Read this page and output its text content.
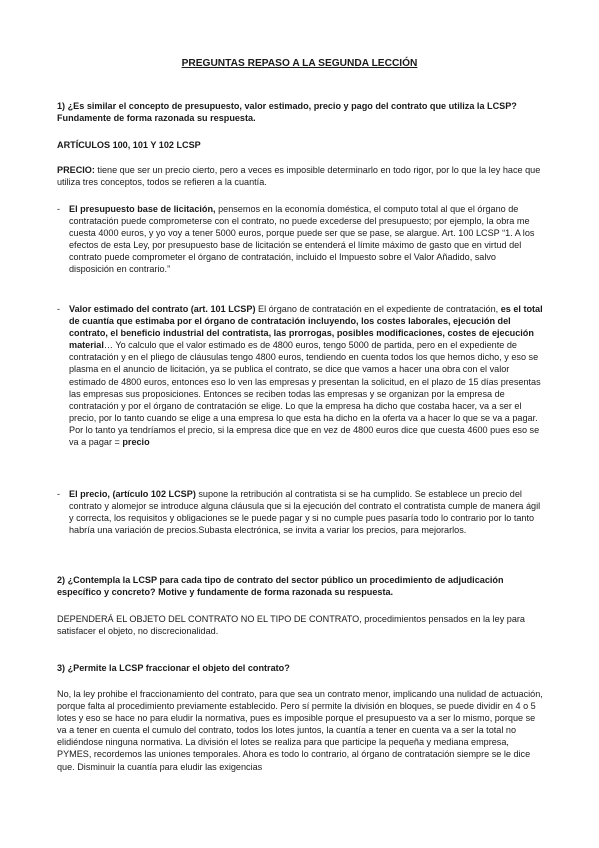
PREGUNTAS REPASO A LA SEGUNDA LECCIÓN

1) ¿Es similar el concepto de presupuesto, valor estimado, precio y pago del contrato que utiliza la LCSP? Fundamente de forma razonada su respuesta.

ARTÍCULOS 100, 101 Y 102 LCSP

PRECIO: tiene que ser un precio cierto, pero a veces es imposible determinarlo en todo rigor, por lo que la ley hace que utiliza tres conceptos, todos se refieren a la cuantía.

- El presupuesto base de licitación, pensemos en la economía doméstica, el computo total al que el órgano de contratación puede comprometerse con el contrato, no puede excederse del presupuesto; por ejemplo, la obra me cuesta 4000 euros, y yo voy a tener 5000 euros, porque puede ser que se pase, se alargue. Art. 100 LCSP “1. A los efectos de esta Ley, por presupuesto base de licitación se entenderá el límite máximo de gasto que en virtud del contrato puede comprometer el órgano de contratación, incluido el Impuesto sobre el Valor Añadido, salvo disposición en contrario.”

- Valor estimado del contrato (art. 101 LCSP) El órgano de contratación en el expediente de contratación, es el total de cuantía que estimaba por el órgano de contratación incluyendo, los costes laborales, ejecución del contrato, el beneficio industrial del contratista, las prorrogas, posibles modificaciones, costes de ejecución material… Yo calculo que el valor estimado es de 4800 euros, tengo 5000 de partida, pero en el expediente de contratación y en el pliego de cláusulas tengo 4800 euros, tendiendo en cuenta todos los que hemos dicho, y eso se plasma en el anuncio de licitación, ya se publica el contrato, se dice que vamos a hacer una obra con el valor estimado de 4800 euros, entonces eso lo ven las empresas y presentan la solicitud, en el plazo de 15 días presentas las empresas sus proposiciones. Entonces se reciben todas las empresas y se organizan por la empresa de contratación y por el órgano de contratación se elige. Lo que la empresa ha dicho que costaba hacer, va a ser el precio, por lo tanto cuando se elige a una empresa lo que esta ha dicho en la oferta va a hacer lo que se va a pagar. Por lo tanto ya tendríamos el precio, si la empresa dice que en vez de 4800 euros dice que cuesta 4600 pues eso se va a pagar = precio

- El precio, (artículo 102 LCSP) supone la retribución al contratista si se ha cumplido. Se establece un precio del contrato y alomejor se introduce alguna cláusula que si la ejecución del contrato el contratista cumple de manera ágil y correcta, los requisitos y obligaciones se le puede pagar y si no cumple pues pasaría todo lo contrario por lo tanto habría una variación de precios.Subasta electrónica, se invita a variar los precios, para mejorarlos.

2) ¿Contempla la LCSP para cada tipo de contrato del sector público un procedimiento de adjudicación específico y concreto? Motive y fundamente de forma razonada su respuesta.

DEPENDERÁ EL OBJETO DEL CONTRATO NO EL TIPO DE CONTRATO, procedimientos pensados en la ley para satisfacer el objeto, no discrecionalidad.

3) ¿Permite la LCSP fraccionar el objeto del contrato?

No, la ley prohibe el fraccionamiento del contrato, para que sea un contrato menor, implicando una nulidad de actuación, porque falta al procedimiento previamente establecido. Pero sí permite la división en bloques, se puede dividir en 4 o 5 lotes y eso se hace no para eludir la normativa, pues es imposible porque el presupuesto va a ser lo mismo, porque se va a tener en cuenta el cumulo del contrato, todos los lotes juntos, la cuantía a tener en cuenta va a ser la total no elidiéndose ninguna normativa. La división el lotes se realiza para que participe la pequeña y mediana empresa, PYMES, recordemos las uniones temporales. Ahora es todo lo contrario, al órgano de contratación siempre se le dice que. Disminuir la cuantía para eludir las exigencias
